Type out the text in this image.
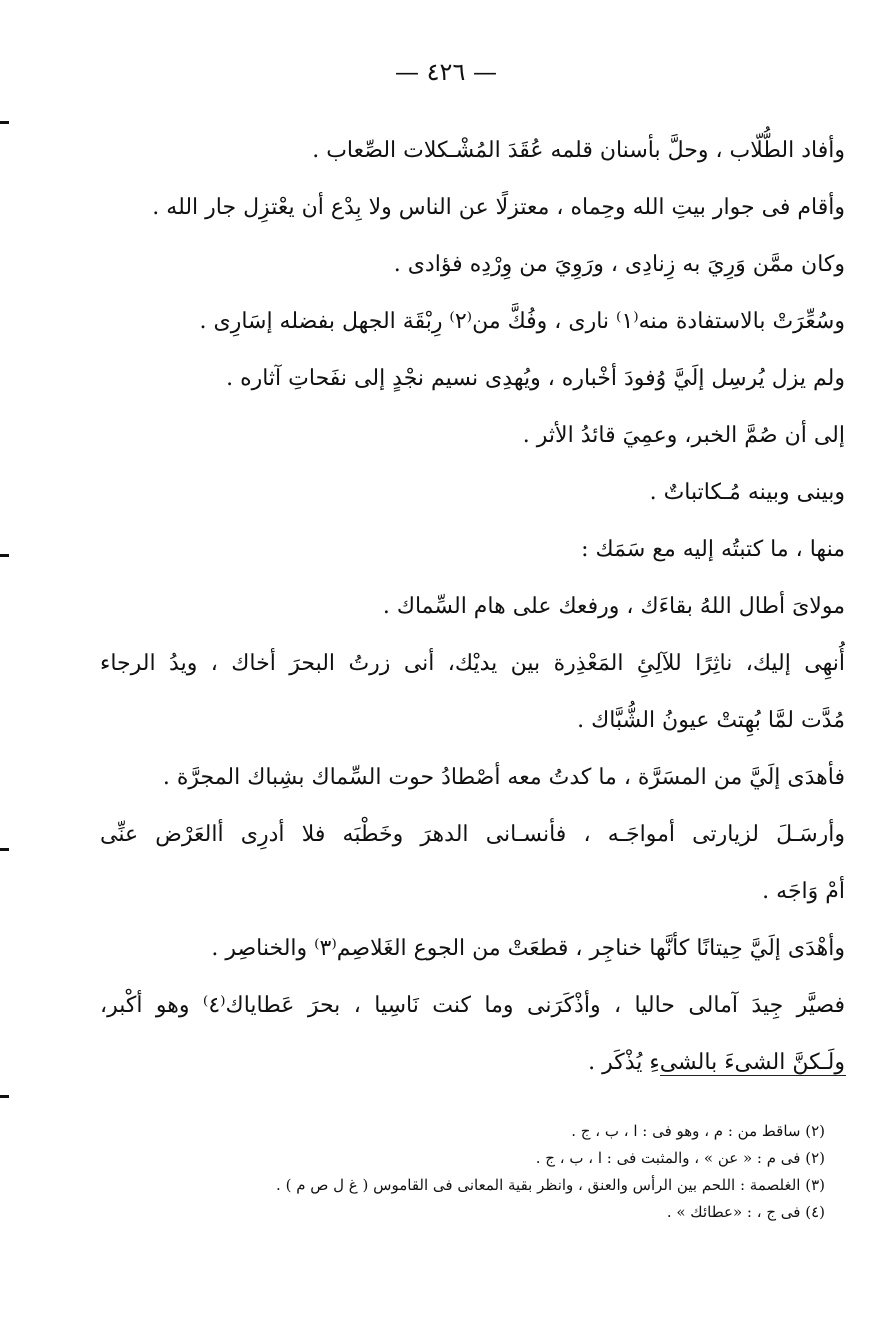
— ٤٢٦ —
وأفاد الطُّلّاب ، وحلَّ بأسنان قلمه عُقَدَ المُشْـكلات الصِّعاب .
وأقام فى جوار بيتِ الله وحِماه ، معتزلًا عن الناس ولا بِدْع أن يعْتزِل جار الله .
وكان ممَّن وَرِيَ به زِنادِى ، ورَوِيَ من وِرْدِه فؤادى .
وسُعِّرَتْ بالاستفادة منه⁽١⁾ نارى ، وفُكَّ من⁽٢⁾ رِبْقَة الجهل بفضله إسَارِى .
ولم يزل يُرسِل إلَيَّ وُفودَ أخْباره ، ويُهدِى نسيم نجْدٍ إلى نفَحاتِ آثاره .
إلى أن صُمَّ الخبر، وعمِيَ قائدُ الأثر .
وبينى وبينه مُـكاتباتٌ .
منها ، ما كتبتُه إليه مع سَمَك :
مولاىَ أطال اللهُ بقاءَك ، ورفعك على هام السِّماك .
أُنهِى إليك، ناثِرًا للآلِئِ المَعْذِرة بين يديْك، أنى زرتُ البحرَ أخاك ، ويدُ الرجاء
مُدَّت لمَّا بُهِتتْ عيونُ الشُّبَّاك .
فأهدَى إلَيَّ من المسَرَّة ، ما كدتُ معه أصْطادُ حوت السِّماك بشِباك المجرَّة .
وأرسَـلَ لزيارتى أمواجَـه ، فأنسـانى الدهرَ وخَطْبَه فلا أدرِى أالعَرْض عنِّى
أمْ وَاجَه .
وأهْدَى إلَيَّ حِيتانًا كأنَّها خناجِر ، قطعَتْ من الجوع الغَلاصِم⁽٣⁾ والخناصِر .
فصيَّر جِيدَ آمالى حاليا ، وأذْكَرَنى وما كنت نَاسِيا ، بحرَ عَطاياك⁽٤⁾ وهو أكْبر،
ولَـكنَّ الشىءَ بالشىءِ يُذْكَر .
(٢) ساقط من : م ، وهو فى : ا ، ب ، ج .
(٢) فى م : « عن » ، والمثبت فى : ا ، ب ، ج .
(٣) الغلصمة : اللحم بين الرأس والعنق ، وانظر بقية المعانى فى القاموس ( غ ل ص م ) .
(٤) فى ج ، : «عطائك » .
